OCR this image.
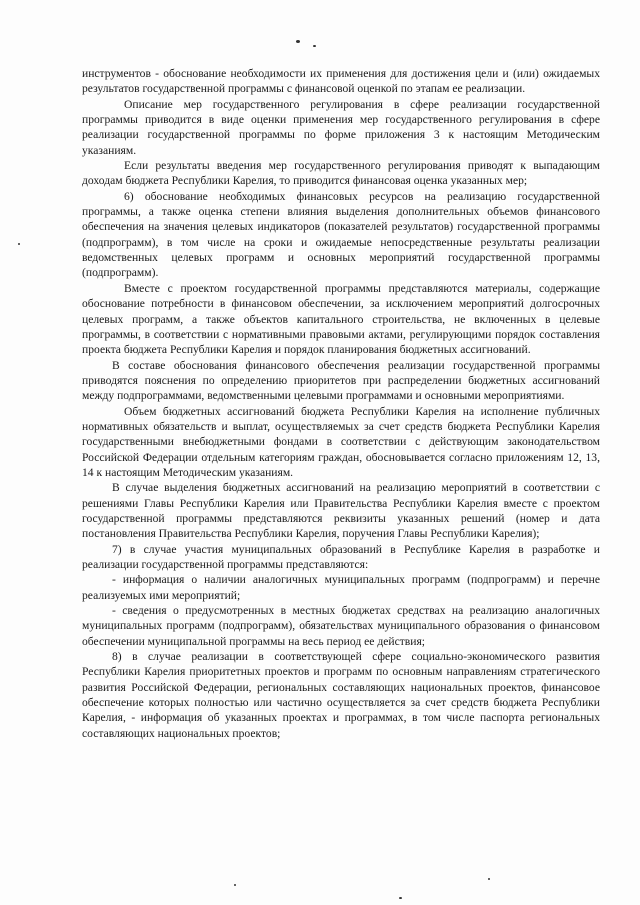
инструментов - обоснование необходимости их применения для достижения цели и (или) ожидаемых результатов государственной программы с финансовой оценкой по этапам ее реализации.

Описание мер государственного регулирования в сфере реализации государственной программы приводится в виде оценки применения мер государственного регулирования в сфере реализации государственной программы по форме приложения 3 к настоящим Методическим указаниям.

Если результаты введения мер государственного регулирования приводят к выпадающим доходам бюджета Республики Карелия, то приводится финансовая оценка указанных мер;

6) обоснование необходимых финансовых ресурсов на реализацию государственной программы, а также оценка степени влияния выделения дополнительных объемов финансового обеспечения на значения целевых индикаторов (показателей результатов) государственной программы (подпрограмм), в том числе на сроки и ожидаемые непосредственные результаты реализации ведомственных целевых программ и основных мероприятий государственной программы (подпрограмм).

Вместе с проектом государственной программы представляются материалы, содержащие обоснование потребности в финансовом обеспечении, за исключением мероприятий долгосрочных целевых программ, а также объектов капитального строительства, не включенных в целевые программы, в соответствии с нормативными правовыми актами, регулирующими порядок составления проекта бюджета Республики Карелия и порядок планирования бюджетных ассигнований.

В составе обоснования финансового обеспечения реализации государственной программы приводятся пояснения по определению приоритетов при распределении бюджетных ассигнований между подпрограммами, ведомственными целевыми программами и основными мероприятиями.

Объем бюджетных ассигнований бюджета Республики Карелия на исполнение публичных нормативных обязательств и выплат, осуществляемых за счет средств бюджета Республики Карелия государственными внебюджетными фондами в соответствии с действующим законодательством Российской Федерации отдельным категориям граждан, обосновывается согласно приложениям 12, 13, 14 к настоящим Методическим указаниям.

В случае выделения бюджетных ассигнований на реализацию мероприятий в соответствии с решениями Главы Республики Карелия или Правительства Республики Карелия вместе с проектом государственной программы представляются реквизиты указанных решений (номер и дата постановления Правительства Республики Карелия, поручения Главы Республики Карелия);

7) в случае участия муниципальных образований в Республике Карелия в разработке и реализации государственной программы представляются:

- информация о наличии аналогичных муниципальных программ (подпрограмм) и перечне реализуемых ими мероприятий;

- сведения о предусмотренных в местных бюджетах средствах на реализацию аналогичных муниципальных программ (подпрограмм), обязательствах муниципального образования о финансовом обеспечении муниципальной программы на весь период ее действия;

8) в случае реализации в соответствующей сфере социально-экономического развития Республики Карелия приоритетных проектов и программ по основным направлениям стратегического развития Российской Федерации, региональных составляющих национальных проектов, финансовое обеспечение которых полностью или частично осуществляется за счет средств бюджета Республики Карелия, - информация об указанных проектах и программах, в том числе паспорта региональных составляющих национальных проектов;
